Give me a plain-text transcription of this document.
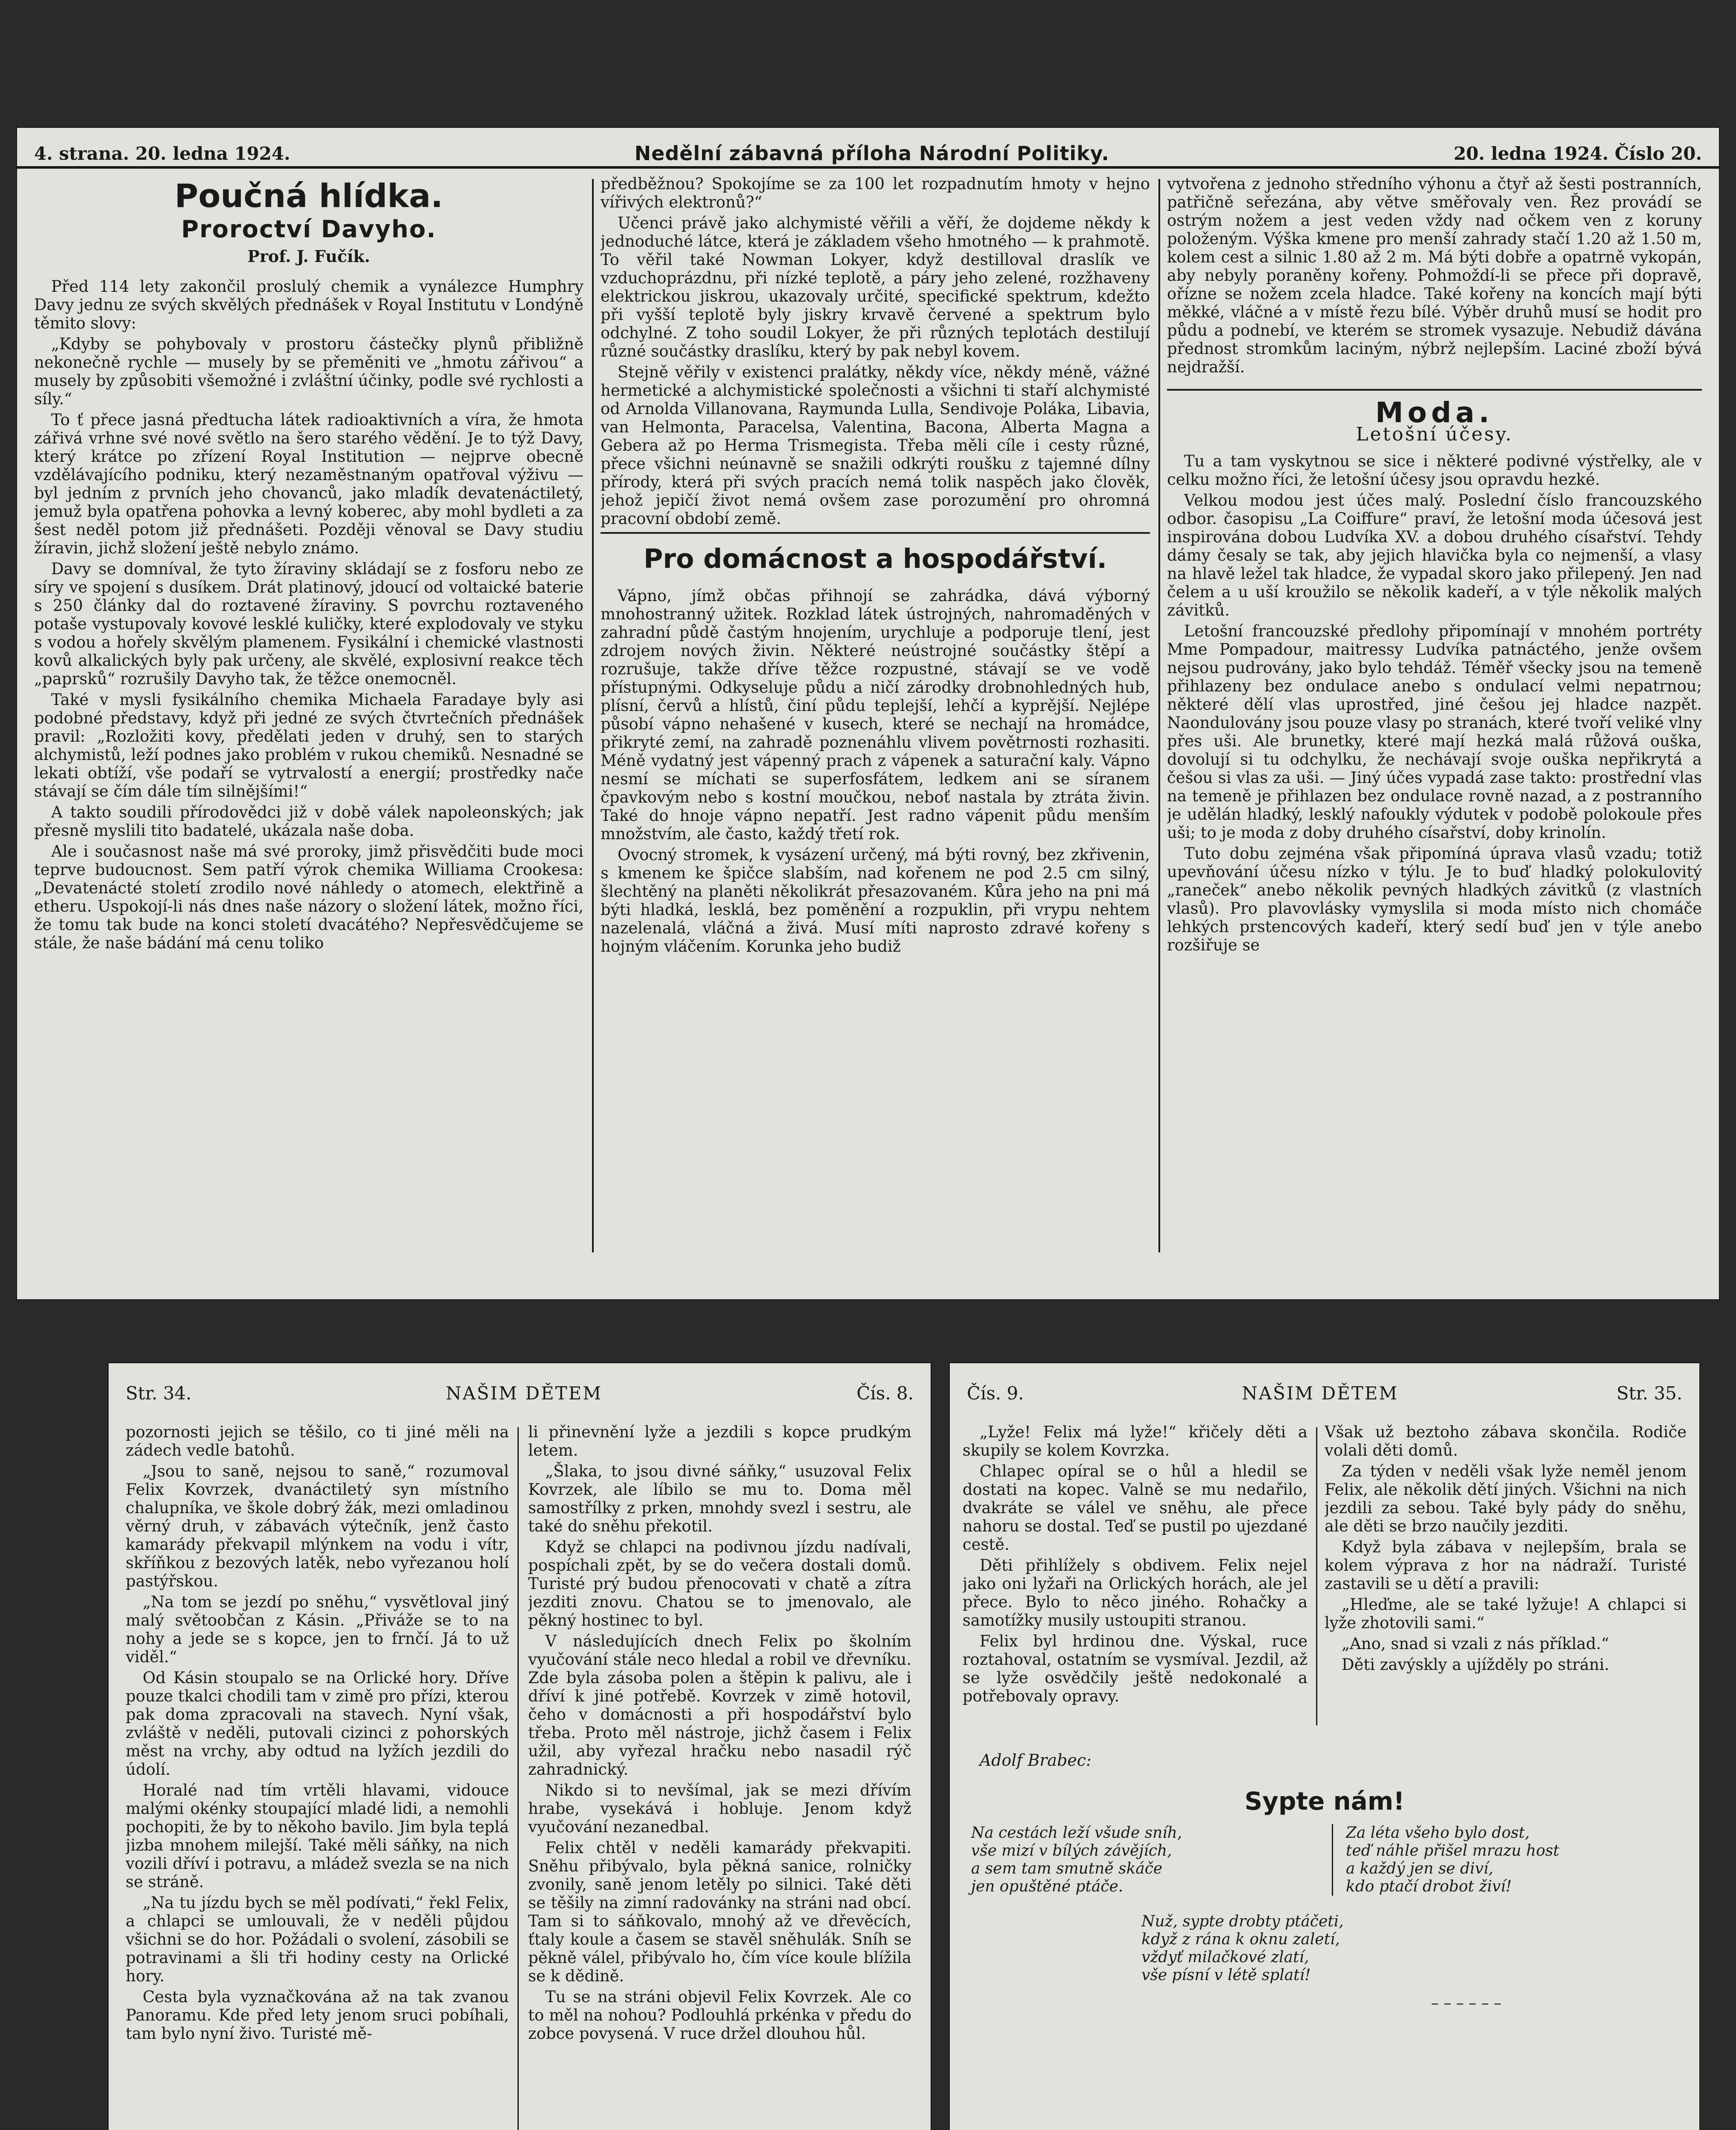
4. strana. 20. ledna 1924.	Nedělní zábavná příloha Národní Politiky.	20. ledna 1924. Číslo 20.
Poučná hlídka.
Proroctví Davyho.
Prof. J. Fučík.

Před 114 lety zakončil proslulý chemik a vynálezce Humphry Davy jednu ze svých skvělých přednášek v Royal Institutu v Londýně těmito slovy:

„Kdyby se pohybovaly v prostoru částečky plynů přibližně nekonečně rychle — musely by se přeměniti ve „hmotu zářivou“ a musely by způsobiti všemožné i zvláštní účinky, podle své rychlosti a síly.“

To ť přece jasná předtucha látek radioaktivních a víra, že hmota zářivá vrhne své nové světlo na šero starého vědění. Je to týž Davy, který krátce po zřízení Royal Institution — nejprve obecně vzdělávajícího podniku, který nezaměstnaným opatřoval výživu — byl jedním z prvních jeho chovanců, jako mladík devatenáctiletý, jemuž byla opatřena pohovka a levný koberec, aby mohl bydleti a za šest neděl potom již přednášeti. Později věnoval se Davy studiu žíravin, jichž složení ještě nebylo známo.

Davy se domníval, že tyto žíraviny skládají se z fosforu nebo ze síry ve spojení s dusíkem. Drát platinový, jdoucí od voltaické baterie s 250 články dal do roztavené žíraviny. S povrchu roztaveného potaše vystupovaly kovové lesklé kuličky, které explodovaly ve styku s vodou a hořely skvělým plamenem. Fysikální i chemické vlastnosti kovů alkalických byly pak určeny, ale skvělé, explosivní reakce těch „paprsků“ rozrušily Davyho tak, že těžce onemocněl.

Také v mysli fysikálního chemika Michaela Faradaye byly asi podobné představy, když při jedné ze svých čtvrtečních přednášek pravil: „Rozložiti kovy, předělati jeden v druhý, sen to starých alchymistů, leží podnes jako problém v rukou chemiků. Nesnadné se lekati obtíží, vše podaří se vytrvalostí a energií; prostředky nače stávají se čím dále tím silnějšími!“

A takto soudili přírodovědci již v době válek napoleonských; jak přesně myslili tito badatelé, ukázala naše doba.

Ale i současnost naše má své proroky, jimž přisvědčiti bude moci teprve budoucnost. Sem patří výrok chemika Williama Crookesa: „Devatenácté století zrodilo nové náhledy o atomech, elektřině a etheru. Uspokojí-li nás dnes naše názory o složení látek, možno říci, že tomu tak bude na konci století dvacátého? Nepřesvědčujeme se stále, že naše bádání má cenu toliko

předběžnou? Spokojíme se za 100 let rozpadnutím hmoty v hejno vířivých elektronů?“

Učenci právě jako alchymisté věřili a věří, že dojdeme někdy k jednoduché látce, která je základem všeho hmotného — k prahmotě. To věřil také Nowman Lokyer, když destilloval draslík ve vzduchoprázdnu, při nízké teplotě, a páry jeho zelené, rozžhaveny elektrickou jiskrou, ukazovaly určité, specifické spektrum, kdežto při vyšší teplotě byly jiskry krvavě červené a spektrum bylo odchylné. Z toho soudil Lokyer, že při různých teplotách destilují různé součástky draslíku, který by pak nebyl kovem.

Stejně věřily v existenci pralátky, někdy více, někdy méně, vážné hermetické a alchymistické společnosti a všichni ti staří alchymisté od Arnolda Villanovana, Raymunda Lulla, Sendivoje Poláka, Libavia, van Helmonta, Paracelsa, Valentina, Bacona, Alberta Magna a Gebera až po Herma Trismegista. Třeba měli cíle i cesty různé, přece všichni neúnavně se snažili odkrýti roušku z tajemné dílny přírody, která při svých pracích nemá tolik naspěch jako člověk, jehož jepičí život nemá ovšem zase porozumění pro ohromná pracovní období země.

Pro domácnost a hospodářství.

Vápno, jímž občas přihnojí se zahrádka, dává výborný mnohostranný užitek. Rozklad látek ústrojných, nahromaděných v zahradní půdě častým hnojením, urychluje a podporuje tlení, jest zdrojem nových živin. Některé neústrojné součástky štěpí a rozrušuje, takže dříve těžce rozpustné, stávají se ve vodě přístupnými. Odkyseluje půdu a ničí zárodky drobnohledných hub, plísní, červů a hlístů, činí půdu teplejší, lehčí a kyprější. Nejlépe působí vápno nehašené v kusech, které se nechají na hromádce, přikryté zemí, na zahradě poznenáhlu vlivem povětrnosti rozhasiti. Méně vydatný jest vápenný prach z vápenek a saturační kaly. Vápno nesmí se míchati se superfosfátem, ledkem ani se síranem čpavkovým nebo s kostní moučkou, neboť nastala by ztráta živin. Také do hnoje vápno nepatří. Jest radno vápenit půdu menším množstvím, ale často, každý třetí rok.

Ovocný stromek, k vysázení určený, má býti rovný, bez zkřivenin, s kmenem ke špičce slabším, nad kořenem ne pod 2.5 cm silný, šlechtěný na planěti několikrát přesazovaném. Kůra jeho na pni má býti hladká, lesklá, bez poměnění a rozpuklin, při vrypu nehtem nazelenalá, vláčná a živá. Musí míti naprosto zdravé kořeny s hojným vláčením. Korunka jeho budiž

vytvořena z jednoho středního výhonu a čtyř až šesti postranních, patřičně seřezána, aby větve směřovaly ven. Řez provádí se ostrým nožem a jest veden vždy nad očkem ven z koruny položeným. Výška kmene pro menší zahrady stačí 1.20 až 1.50 m, kolem cest a silnic 1.80 až 2 m. Má býti dobře a opatrně vykopán, aby nebyly poraněny kořeny. Pohmoždí-li se přece při dopravě, ořízne se nožem zcela hladce. Také kořeny na koncích mají býti měkké, vláčné a v místě řezu bílé. Výběr druhů musí se hodit pro půdu a podnebí, ve kterém se stromek vysazuje. Nebudiž dávána přednost stromkům laciným, nýbrž nejlepším. Laciné zboží bývá nejdražší.

Moda.
Letošní účesy.

Tu a tam vyskytnou se sice i některé podivné výstřelky, ale v celku možno říci, že letošní účesy jsou opravdu hezké.

Velkou modou jest účes malý. Poslední číslo francouzského odbor. časopisu „La Coiffure“ praví, že letošní moda účesová jest inspirována dobou Ludvíka XV. a dobou druhého císařství. Tehdy dámy česaly se tak, aby jejich hlavička byla co nejmenší, a vlasy na hlavě ležel tak hladce, že vypadal skoro jako přilepený. Jen nad čelem a u uší kroužilo se několik kadeří, a v týle několik malých závitků.

Letošní francouzské předlohy připomínají v mnohém portréty Mme Pompadour, maitressy Ludvíka patnáctého, jenže ovšem nejsou pudrovány, jako bylo tehdáž. Téměř všecky jsou na temeně přihlazeny bez ondulace anebo s ondulací velmi nepatrnou; některé dělí vlas uprostřed, jiné češou jej hladce nazpět. Naondulovány jsou pouze vlasy po stranách, které tvoří veliké vlny přes uši. Ale brunetky, které mají hezká malá růžová ouška, dovolují si tu odchylku, že nechávají svoje ouška nepřikrytá a češou si vlas za uši. — Jiný účes vypadá zase takto: prostřední vlas na temeně je přihlazen bez ondulace rovně nazad, a z postranního je udělán hladký, lesklý nafoukly výdutek v podobě polokoule přes uši; to je moda z doby druhého císařství, doby krinolín.

Tuto dobu zejména však připomíná úprava vlasů vzadu; totiž upevňování účesu nízko v týlu. Je to buď hladký polokulovitý „raneček“ anebo několik pevných hladkých závitků (z vlastních vlasů). Pro plavovlásky vymyslila si moda místo nich chomáče lehkých prstencových kadeří, který sedí buď jen v týle anebo rozšiřuje se

Str. 34.	NAŠIM DĚTEM	Čís. 8.

pozornosti jejich se těšilo, co ti jiné měli na zádech vedle batohů.

„Jsou to saně, nejsou to saně,“ rozumoval Felix Kovrzek, dvanáctiletý syn místního chalupníka, ve škole dobrý žák, mezi omladinou věrný druh, v zábavách výtečník, jenž často kamarády překvapil mlýnkem na vodu i vítr, skříňkou z bezových latěk, nebo vyřezanou holí pastýřskou.

„Na tom se jezdí po sněhu,“ vysvětloval jiný malý světoobčan z Kásin. „Přiváže se to na nohy a jede se s kopce, jen to frnčí. Já to už viděl.“

Od Kásin stoupalo se na Orlické hory. Dříve pouze tkalci chodili tam v zimě pro přízi, kterou pak doma zpracovali na stavech. Nyní však, zvláště v neděli, putovali cizinci z pohorských měst na vrchy, aby odtud na lyžích jezdili do údolí.

Horalé nad tím vrtěli hlavami, vidouce malými okénky stoupající mladé lidi, a nemohli pochopiti, že by to někoho bavilo. Jim byla teplá jizba mnohem milejší. Také měli sáňky, na nich vozili dříví i potravu, a mládež svezla se na nich se stráně.

„Na tu jízdu bych se měl podívati,“ řekl Felix, a chlapci se umlouvali, že v neděli půjdou všichni se do hor. Požádali o svolení, zásobili se potravinami a šli tři hodiny cesty na Orlické hory.

Cesta byla vyznačkována až na tak zvanou Panoramu. Kde před lety jenom sruci pobíhali, tam bylo nyní živo. Turisté mě-

li přinevnění lyže a jezdili s kopce prudkým letem.

„Šlaka, to jsou divné sáňky,“ usuzoval Felix Kovrzek, ale líbilo se mu to. Doma měl samostřílky z prken, mnohdy svezl i sestru, ale také do sněhu překotil.

Když se chlapci na podivnou jízdu nadívali, pospíchali zpět, by se do večera dostali domů. Turisté prý budou přenocovati v chatě a zítra jezditi znovu. Chatou se to jmenovalo, ale pěkný hostinec to byl.

V následujících dnech Felix po školním vyučování stále neco hledal a robil ve dřevníku. Zde byla zásoba polen a štěpin k palivu, ale i dříví k jiné potřebě. Kovrzek v zimě hotovil, čeho v domácnosti a při hospodářství bylo třeba. Proto měl nástroje, jichž časem i Felix užil, aby vyřezal hračku nebo nasadil rýč zahradnický.

Nikdo si to nevšímal, jak se mezi dřívím hrabe, vysekává i hobluje. Jenom když vyučování nezanedbal.

Felix chtěl v neděli kamarády překvapiti. Sněhu přibývalo, byla pěkná sanice, rolničky zvonily, saně jenom letěly po silnici. Také děti se těšily na zimní radovánky na stráni nad obcí. Tam si to sáňkovalo, mnohý až ve dřevěcích, ťtaly koule a časem se stavěl sněhulák. Sníh se pěkně válel, přibývalo ho, čím více koule blížila se k dědině.

Tu se na stráni objevil Felix Kovrzek. Ale co to měl na nohou? Podlouhlá prkénka v předu do zobce povysená. V ruce držel dlouhou hůl.

Čís. 9.	NAŠIM DĚTEM	Str. 35.

„Lyže! Felix má lyže!“ křičely děti a skupily se kolem Kovrzka.

Chlapec opíral se o hůl a hledil se dostati na kopec. Valně se mu nedařilo, dvakráte se válel ve sněhu, ale přece nahoru se dostal. Teď se pustil po ujezdané cestě.

Děti přihlížely s obdivem. Felix nejel jako oni lyžaři na Orlických horách, ale jel přece. Bylo to něco jiného. Rohačky a samotížky musily ustoupiti stranou.

Felix byl hrdinou dne. Výskal, ruce roztahoval, ostatním se vysmíval. Jezdil, až se lyže osvědčily ještě nedokonalé a potřebovaly opravy.

Však už beztoho zábava skončila. Rodiče volali děti domů.

Za týden v neděli však lyže neměl jenom Felix, ale několik dětí jiných. Všichni na nich jezdili za sebou. Také byly pády do sněhu, ale děti se brzo naučily jezditi.

Když byla zábava v nejlepším, brala se kolem výprava z hor na nádraží. Turisté zastavili se u dětí a pravili:

„Hleďme, ale se také lyžuje! A chlapci si lyže zhotovili sami.“

„Ano, snad si vzali z nás příklad.“

Děti zavýskly a ujížděly po stráni.

Adolf Brabec:
Sypte nám!
Na cestách leží všude sníh,
vše mizí v bílých závějích,
a sem tam smutně skáče
jen opuštěné ptáče.
Za léta všeho bylo dost,
teď náhle přišel mrazu host
a každý jen se diví,
kdo ptačí drobot živí!
Nuž, sypte drobty ptáčeti,
když z rána k oknu zaletí,
vždyť milačkové zlatí,
vše písní v létě splatí!
– – – – – –
